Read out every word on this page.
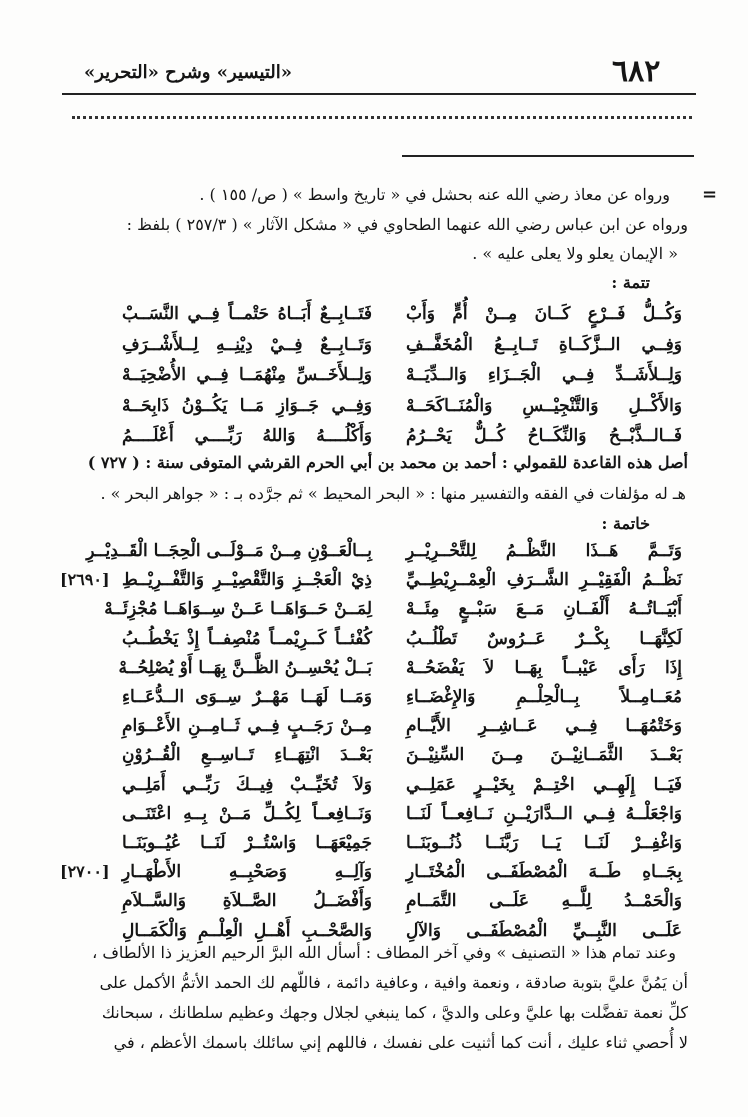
«التيسير» وشرح «التحرير»	٦٨٢
=
ورواه عن معاذ رضي الله عنه بحشل في « تاريخ واسط » ( ص/ ١٥٥ ) .
ورواه عن ابن عباس رضي الله عنهما الطحاوي في « مشكل الآثار » ( ٢٥٧/٣ ) بلفظ :
« الإيمان يعلو ولا يعلى عليه » .
تتمة :
وَكُــلُّ فَــرْعٍ كَــانَ مِــنْ أُمٍّ وَأَبْ
فَتَــابِــعٌ أَبَــاهُ حَتْمــاً فِــي النَّسَــبْ
وَفِــي الــزَّكَــاةِ تَــابِــعُ الْمُخَفَّــفِ
وَتَــابِــعٌ فِــيْ دِيْنِــهِ لِــلأَشْــرَفِ
وَلِــلأَشَــدِّ فِــي الْجَــزَاءِ وَالــدِّيَــهْ
وَلِــلأَخَــسِّ مِنْهُمَــا فِــي الأُضْحِيَــهْ
وَالأَكْــلِ وَالتَّنْجِيْــسِ وَالْمُنَــاكَحَــهْ
وَفِــي جَــوَازِ مَــا يَكُــوْنُ ذَابِحَــهْ
فَــالــذَّبْــحُ وَالنِّكَــاحُ كُــلٌّ يَحْــرُمُ
وَأَكْلُــــهُ وَاللهُ رَبِّــــي أَعْلَــــمُ
أصل هذه القاعدة للقمولي : أحمد بن محمد بن أبي الحرم القرشي المتوفى سنة : ( ٧٢٧ )
هـ له مؤلفات في الفقه والتفسير منها : « البحر المحيط » ثم جرَّده بـ : « جواهر البحر » .
خاتمة :
وَتَــمَّ هَــذَا النَّظْــمُ لِلتَّحْــرِيْــرِ
بِــالْعَــوْنِ مِــنْ مَــوْلَــى الْحِجَــا الْقَــدِيْــرِ
نَظْــمُ الْفَقِيْــرِ الشَّــرَفِ الْعِمْــرِيْطِــيِّ
ذِيْ الْعَجْــزِ وَالتَّقْصِيْــرِ وَالتَّفْــرِيْــطِ
[٢٦٩٠]
أَبْيَــاتُــهُ أَلْفَــانِ مَــعَ سَبْــعٍ مِئَــهْ
لِمَــنْ حَــوَاهَــا عَــنْ سِــوَاهَــا مُجْزِئَــهْ
لَكِنَّهَــا بِكْــرٌ عَــرُوسٌ تَطْلُــبُ
كُفْئــاً كَــرِيْمــاً مُنْصِفــاً إِذْ يَخْطُــبُ
إِذَا رَأَى عَيْبــاً بِهَــا لاَ يَفْضَحُــهْ
بَــلْ يُحْسِــنُ الظَّــنَّ بِهَــا أَوْ يُصْلِحُــهْ
مُعَــامِــلاً بِــالْحِلْــمِ وَالإِغْضَــاءِ
وَمَــا لَهَــا مَهْــرٌ سِــوَى الــدُّعَــاءِ
وَخَتْمُهَــا فِــي عَــاشِــرِ الأَيَّــامِ
مِــنْ رَجَــبٍ فِــي ثَــامِــنِ الأَعْــوَامِ
بَعْــدَ الثَّمَــانِيْــنَ مِــنَ السِّنِيْــنَ
بَعْــدَ انْتِهَــاءِ تَــاسِــعِ الْقُــرُوْنِ
فَيَــا إِلَهِــي اخْتِــمْ بِخَيْــرٍ عَمَلِــي
وَلاَ تُخَيِّــبْ فِيــكَ رَبِّــي أَمَلِــي
وَاجْعَلْــهُ فِــي الــدَّارَيْــنِ نَــافِعــاً لَنَــا
وَنَــافِعــاً لِكُــلِّ مَــنْ بِــهِ اعْتَنَــى
وَاغْفِــرْ لَنَــا يَــا رَبَّنَــا ذُنُــوبَنَــا
جَمِيْعَهَــا وَاسْتُــرْ لَنَــا عُيُــوبَنَــا
بِجَــاهِ طَــهَ الْمُصْطَفَــى الْمُخْتَــارِ
وَآلِــهِ وَصَحْبِــهِ الأَطْهَــارِ
[٢٧٠٠]
وَالْحَمْــدُ لِلَّــهِ عَلَــى التَّمَــامِ
وَأَفْضَــلُ الصَّــلاَةِ وَالسَّــلاَمِ
عَلَــى النَّبِــيِّ الْمُصْطَفَــى وَالآلِ
وَالصَّحْــبِ أَهْــلِ الْعِلْــمِ وَالْكَمَــالِ
وعند تمام هذا « التصنيف » وفي آخر المطاف : أسأل الله البرَّ الرحيم العزيز ذا الألطاف ،
أن يَمُنَّ عليَّ بتوبة صادقة ، ونعمة وافية ، وعافية دائمة ، فاللّهم لك الحمد الأتمُّ الأكمل على
كلِّ نعمة تفضَّلت بها عليَّ وعلى والديَّ ، كما ينبغي لجلال وجهك وعظيم سلطانك ، سبحانك
لا أُحصي ثناء عليك ، أنت كما أثنيت على نفسك ، فاللهم إني سائلك باسمك الأعظم ، في
